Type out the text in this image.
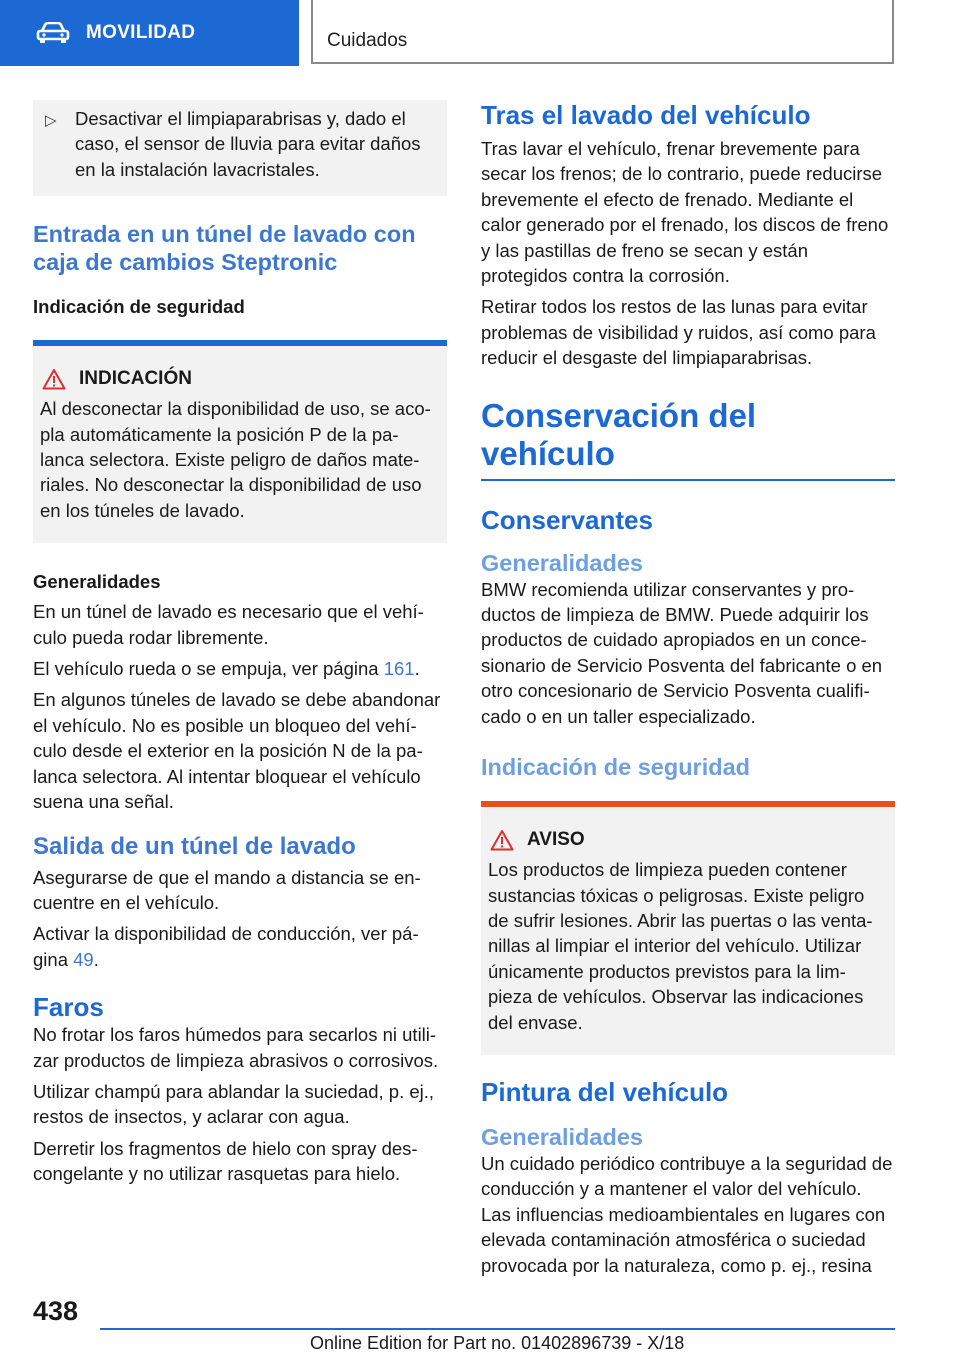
MOVILIDAD	Cuidados
▷ Desactivar el limpiaparabrisas y, dado el caso, el sensor de lluvia para evitar daños en la instalación lavacristales.
Entrada en un túnel de lavado con caja de cambios Steptronic
Indicación de seguridad
INDICACIÓN

Al desconectar la disponibilidad de uso, se aco- pla automáticamente la posición P de la pa- lanca selectora. Existe peligro de daños mate- riales. No desconectar la disponibilidad de uso en los túneles de lavado.

Generalidades

En un túnel de lavado es necesario que el vehí- culo pueda rodar libremente.

El vehículo rueda o se empuja, ver página 161.

En algunos túneles de lavado se debe abandonar el vehículo. No es posible un bloqueo del vehí- culo desde el exterior en la posición N de la pa- lanca selectora. Al intentar bloquear el vehículo suena una señal.

Salida de un túnel de lavado

Asegurarse de que el mando a distancia se en- cuentre en el vehículo.

Activar la disponibilidad de conducción, ver pá- gina 49.

Faros

No frotar los faros húmedos para secarlos ni utili- zar productos de limpieza abrasivos o corrosivos.

Utilizar champú para ablandar la suciedad, p. ej., restos de insectos, y aclarar con agua.

Derretir los fragmentos de hielo con spray des- congelante y no utilizar rasquetas para hielo.

Tras el lavado del vehículo

Tras lavar el vehículo, frenar brevemente para secar los frenos; de lo contrario, puede reducirse brevemente el efecto de frenado. Mediante el calor generado por el frenado, los discos de freno y las pastillas de freno se secan y están protegidos contra la corrosión.

Retirar todos los restos de las lunas para evitar problemas de visibilidad y ruidos, así como para reducir el desgaste del limpiaparabrisas.

Conservación del vehículo
Conservantes
Generalidades

BMW recomienda utilizar conservantes y pro- ductos de limpieza de BMW. Puede adquirir los productos de cuidado apropiados en un conce- sionario de Servicio Posventa del fabricante o en otro concesionario de Servicio Posventa cualifi- cado o en un taller especializado.

Indicación de seguridad
AVISO

Los productos de limpieza pueden contener sustancias tóxicas o peligrosas. Existe peligro de sufrir lesiones. Abrir las puertas o las venta- nillas al limpiar el interior del vehículo. Utilizar únicamente productos previstos para la lim- pieza de vehículos. Observar las indicaciones del envase.

Pintura del vehículo
Generalidades

Un cuidado periódico contribuye a la seguridad de conducción y a mantener el valor del vehículo. Las influencias medioambientales en lugares con elevada contaminación atmosférica o suciedad provocada por la naturaleza, como p. ej., resina

438
Online Edition for Part no. 01402896739 - X/18
